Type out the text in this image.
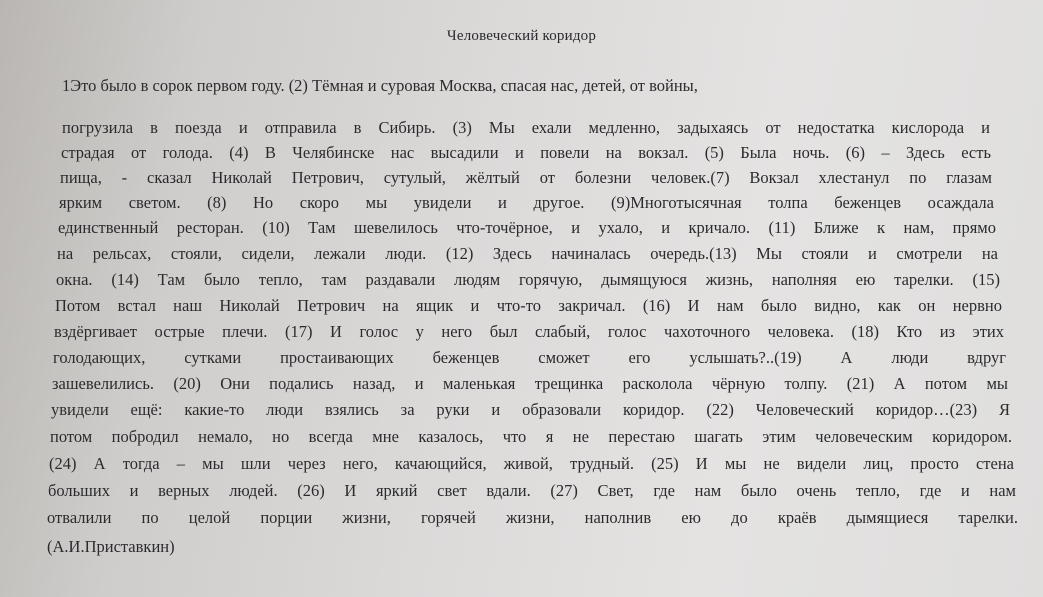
Человеческий коридор
1Это было в сорок первом году. (2) Тёмная и суровая Москва, спасая нас, детей, от войны,
погрузила в поезда и отправила в Сибирь. (3) Мы ехали медленно, задыхаясь от недостатка кислорода и
страдая от голода. (4) В Челябинске нас высадили и повели на вокзал. (5) Была ночь. (6) – Здесь есть
пища, - сказал Николай Петрович, сутулый, жёлтый от болезни человек.(7) Вокзал хлестанул по глазам
ярким светом. (8) Но скоро мы увидели и другое. (9)Многотысячная толпа беженцев осаждала
единственный ресторан. (10) Там шевелилось что-точёрное, и ухало, и кричало. (11) Ближе к нам, прямо
на рельсах, стояли, сидели, лежали люди. (12) Здесь начиналась очередь.(13) Мы стояли и смотрели на
окна. (14) Там было тепло, там раздавали людям горячую, дымящуюся жизнь, наполняя ею тарелки. (15)
Потом встал наш Николай Петрович на ящик и что-то закричал. (16) И нам было видно, как он нервно
вздёргивает острые плечи. (17) И голос у него был слабый, голос чахоточного человека. (18) Кто из этих
голодающих, сутками простаивающих беженцев сможет его услышать?..(19) А люди вдруг
зашевелились. (20) Они подались назад, и маленькая трещинка расколола чёрную толпу. (21) А потом мы
увидели ещё: какие-то люди взялись за руки и образовали коридор. (22) Человеческий коридор…(23) Я
потом побродил немало, но всегда мне казалось, что я не перестаю шагать этим человеческим коридором.
(24) А тогда – мы шли через него, качающийся, живой, трудный. (25) И мы не видели лиц, просто стена
больших и верных людей. (26) И яркий свет вдали. (27) Свет, где нам было очень тепло, где и нам
отвалили по целой порции жизни, горячей жизни, наполнив ею до краёв дымящиеся тарелки.
(А.И.Приставкин)
